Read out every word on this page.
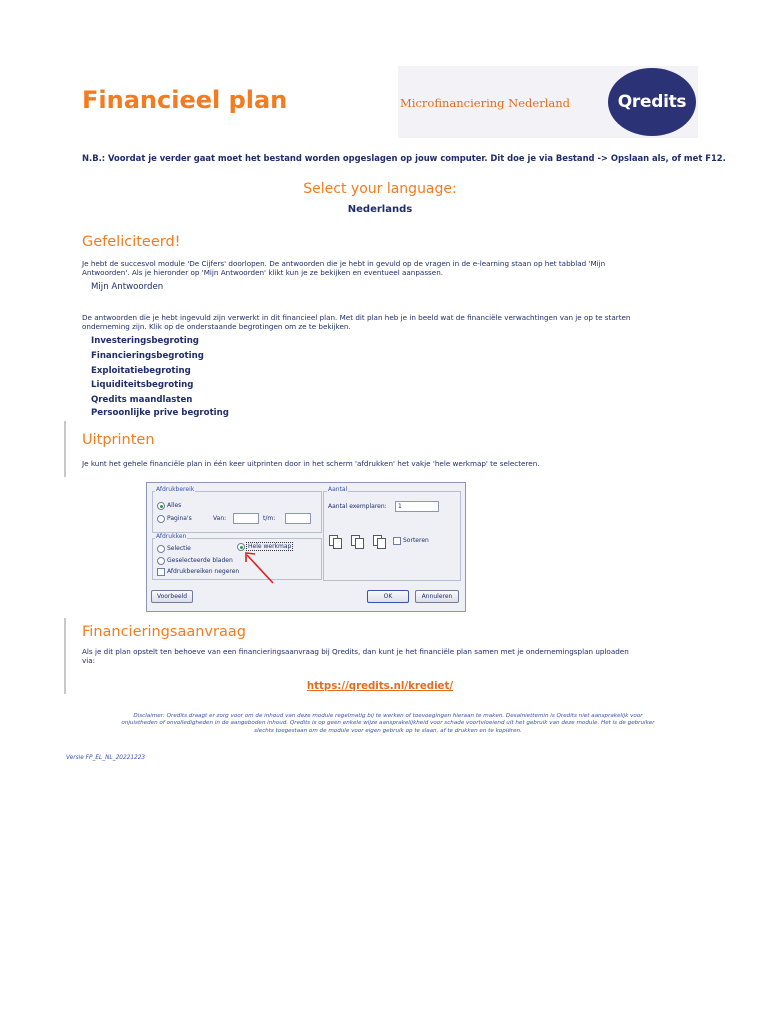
Financieel plan	Microfinanciering Nederland	Qredits
N.B.: Voordat je verder gaat moet het bestand worden opgeslagen op jouw computer. Dit doe je via Bestand -> Opslaan als, of met F12.
Select your language:
Nederlands
Gefeliciteerd!
Je hebt de succesvol module 'De Cijfers' doorlopen. De antwoorden die je hebt in gevuld op de vragen in de e-learning staan op het tabblad 'Mijn
Antwoorden'. Als je hieronder op 'Mijn Antwoorden' klikt kun je ze bekijken en eventueel aanpassen.
Mijn Antwoorden
De antwoorden die je hebt ingevuld zijn verwerkt in dit financieel plan. Met dit plan heb je in beeld wat de financiële verwachtingen van je op te starten
onderneming zijn. Klik op de onderstaande begrotingen om ze te bekijken.
Investeringsbegroting
Financieringsbegroting
Exploitatiebegroting
Liquiditeitsbegroting
Qredits maandlasten
Persoonlijke prive begroting
Uitprinten
Je kunt het gehele financiële plan in één keer uitprinten door in het scherm 'afdrukken' het vakje 'hele werkmap' te selecteren.
Afdrukbereik
Alles
Pagina's	Van:	t/m:
Afdrukken
Selectie
Geselecteerde bladen
Afdrukbereiken negeren
Hele werkmap
Aantal
Aantal exemplaren:	1
Sorteren
Voorbeeld	OK	Annuleren
Financieringsaanvraag
Als je dit plan opstelt ten behoeve van een financieringsaanvraag bij Qredits, dan kunt je het financiële plan samen met je ondernemingsplan uploaden
via:
https://qredits.nl/krediet/
Disclaimer: Qredits draagt er zorg voor om de inhoud van deze module regelmatig bij te werken of toevoegingen hieraan te maken. Desalniettemin is Qredits niet aansprakelijk voor
onjuistheden of onvolledigheden in de aangeboden inhoud. Qredits is op geen enkele wijze aansprakelijkheid voor schade voortvloeiend uit het gebruik van deze module. Het is de gebruiker
slechts toegestaan om de module voor eigen gebruik op te slaan, af te drukken en te kopiëren.
Versie FP_EL_NL_20221223
